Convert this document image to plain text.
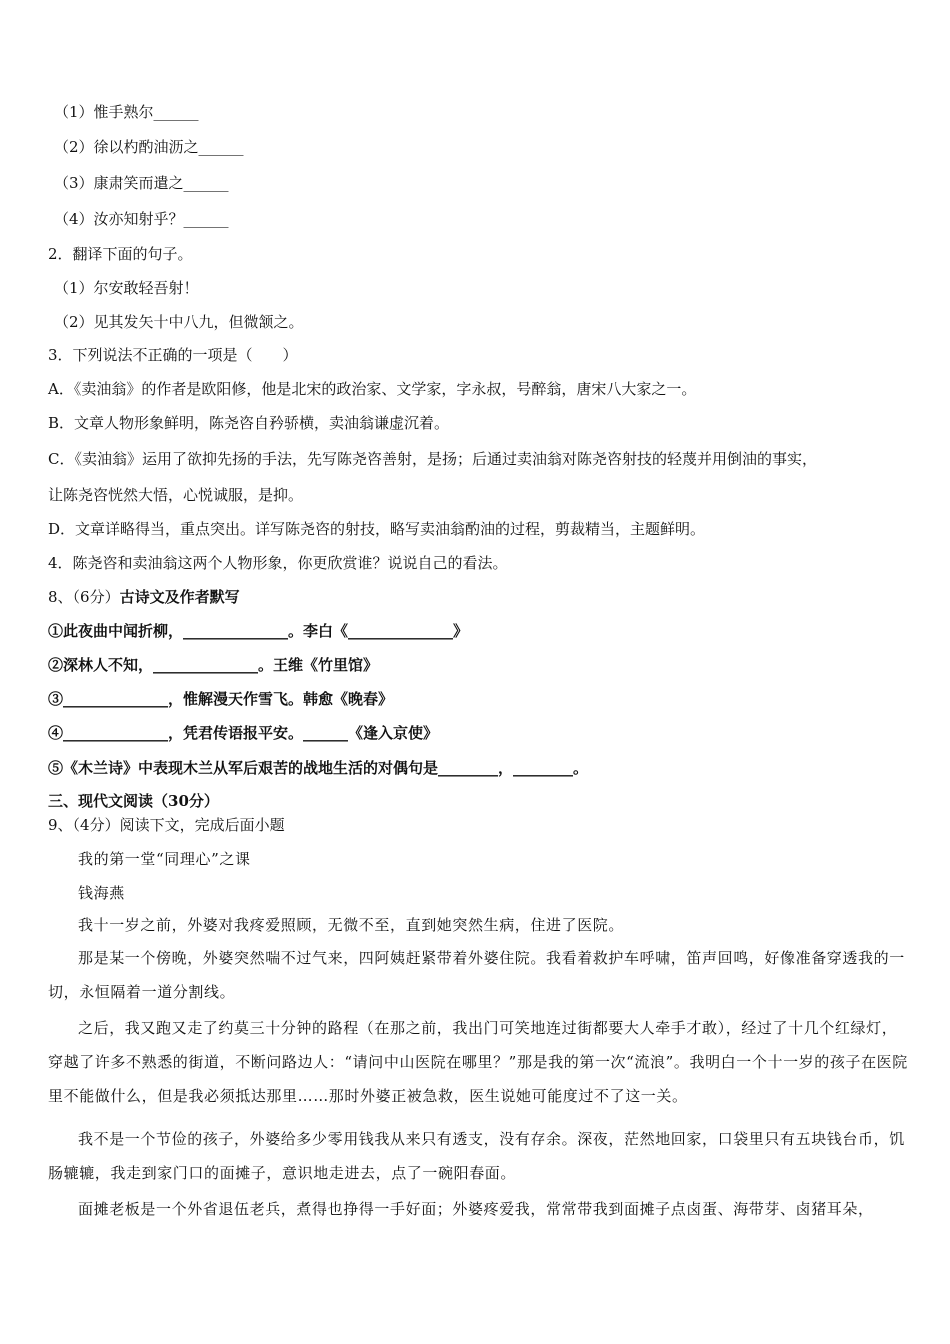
（1）惟手熟尔______
（2）徐以杓酌油沥之______
（3）康肃笑而遣之______
（4）汝亦知射乎？______
2．翻译下面的句子。
（1）尔安敢轻吾射！
（2）见其发矢十中八九，但微颔之。
3．下列说法不正确的一项是（　　）
A．《卖油翁》的作者是欧阳修，他是北宋的政治家、文学家，字永叔，号醉翁，唐宋八大家之一。
B．文章人物形象鲜明，陈尧咨自矜骄横，卖油翁谦虚沉着。
C．《卖油翁》运用了欲抑先扬的手法，先写陈尧咨善射，是扬；后通过卖油翁对陈尧咨射技的轻蔑并用倒油的事实，
让陈尧咨恍然大悟，心悦诚服，是抑。
D．文章详略得当，重点突出。详写陈尧咨的射技，略写卖油翁酌油的过程，剪裁精当，主题鲜明。
4．陈尧咨和卖油翁这两个人物形象，你更欣赏谁？说说自己的看法。
8、（6分）古诗文及作者默写
①此夜曲中闻折柳，______________。李白《______________》
②深林人不知，______________。王维《竹里馆》
③______________，惟解漫天作雪飞。韩愈《晚春》
④______________，凭君传语报平安。______《逢入京使》
⑤《木兰诗》中表现木兰从军后艰苦的战地生活的对偶句是________，________。
三、现代文阅读（30分）
9、（4分）阅读下文，完成后面小题
我的第一堂“同理心”之课
钱海燕
我十一岁之前，外婆对我疼爱照顾，无微不至，直到她突然生病，住进了医院。
那是某一个傍晚，外婆突然喘不过气来，四阿姨赶紧带着外婆住院。我看着救护车呼啸，笛声回鸣，好像准备穿透我的一切，永恒隔着一道分割线。
之后，我又跑又走了约莫三十分钟的路程（在那之前，我出门可笑地连过街都要大人牵手才敢），经过了十几个红绿灯，穿越了许多不熟悉的街道，不断问路边人：“请问中山医院在哪里？”那是我的第一次“流浪”。我明白一个十一岁的孩子在医院里不能做什么，但是我必须抵达那里……那时外婆正被急救，医生说她可能度过不了这一关。
我不是一个节俭的孩子，外婆给多少零用钱我从来只有透支，没有存余。深夜，茫然地回家，口袋里只有五块钱台币，饥肠辘辘，我走到家门口的面摊子，意识地走进去，点了一碗阳春面。
面摊老板是一个外省退伍老兵，煮得也挣得一手好面；外婆疼爱我，常常带我到面摊子点卤蛋、海带芽、卤猪耳朵，
